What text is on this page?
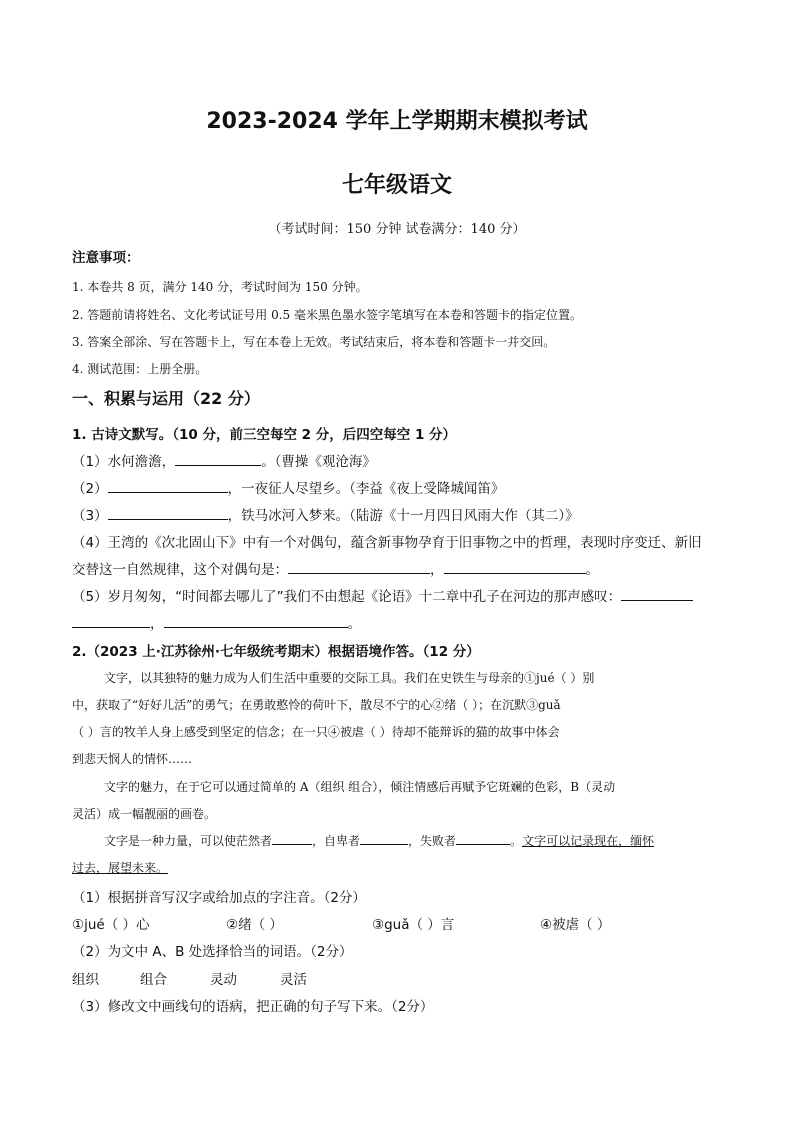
2023-2024 学年上学期期末模拟考试
七年级语文
（考试时间：150 分钟 试卷满分：140 分）
注意事项：
1. 本卷共 8 页，满分 140 分，考试时间为 150 分钟。
2. 答题前请将姓名、文化考试证号用 0.5 毫米黑色墨水签字笔填写在本卷和答题卡的指定位置。
3. 答案全部涂、写在答题卡上，写在本卷上无效。考试结束后，将本卷和答题卡一并交回。
4. 测试范围：上册全册。
一、积累与运用（22 分）
1. 古诗文默写。（10 分，前三空每空 2 分，后四空每空 1 分）
（1）水何澹澹，	。（曹操《观沧海》
（2）	，一夜征人尽望乡。（李益《夜上受降城闻笛》
（3）	，铁马冰河入梦来。（陆游《十一月四日风雨大作（其二）》
（4）王湾的《次北固山下》中有一个对偶句，蕴含新事物孕育于旧事物之中的哲理，表现时序变迁、新旧
交替这一自然规律，这个对偶句是：	，	。
（5）岁月匆匆，“时间都去哪儿了”我们不由想起《论语》十二章中孔子在河边的那声感叹：
，	。
2.（2023 上·江苏徐州·七年级统考期末）根据语境作答。（12 分）
文字，以其独特的魅力成为人们生活中重要的交际工具。我们在史铁生与母亲的①jué（ ）别
中，获取了“好好儿活”的勇气；在勇敢憨怜的荷叶下，散尽不宁的心②绪（ ）；在沉默③guǎ
（ ）言的牧羊人身上感受到坚定的信念；在一只④被虐（ ）待却不能辩诉的猫的故事中体会
到悲天悯人的情怀……
文字的魅力，在于它可以通过简单的 A（组织 组合），倾注情感后再赋予它斑斓的色彩，B（灵动
灵活）成一幅靓丽的画卷。
文字是一种力量，可以使茫然者	，自卑者	，失败者	。文字可以记录现在，缅怀
过去，展望未来。
（1）根据拼音写汉字或给加点的字注音。（2分）
①jué（ ）心	②绪（ ）	③guǎ（ ）言	④被虐（ ）
（2）为文中 A、B 处选择恰当的词语。（2分）
组织	组合	灵动	灵活
（3）修改文中画线句的语病，把正确的句子写下来。（2分）
